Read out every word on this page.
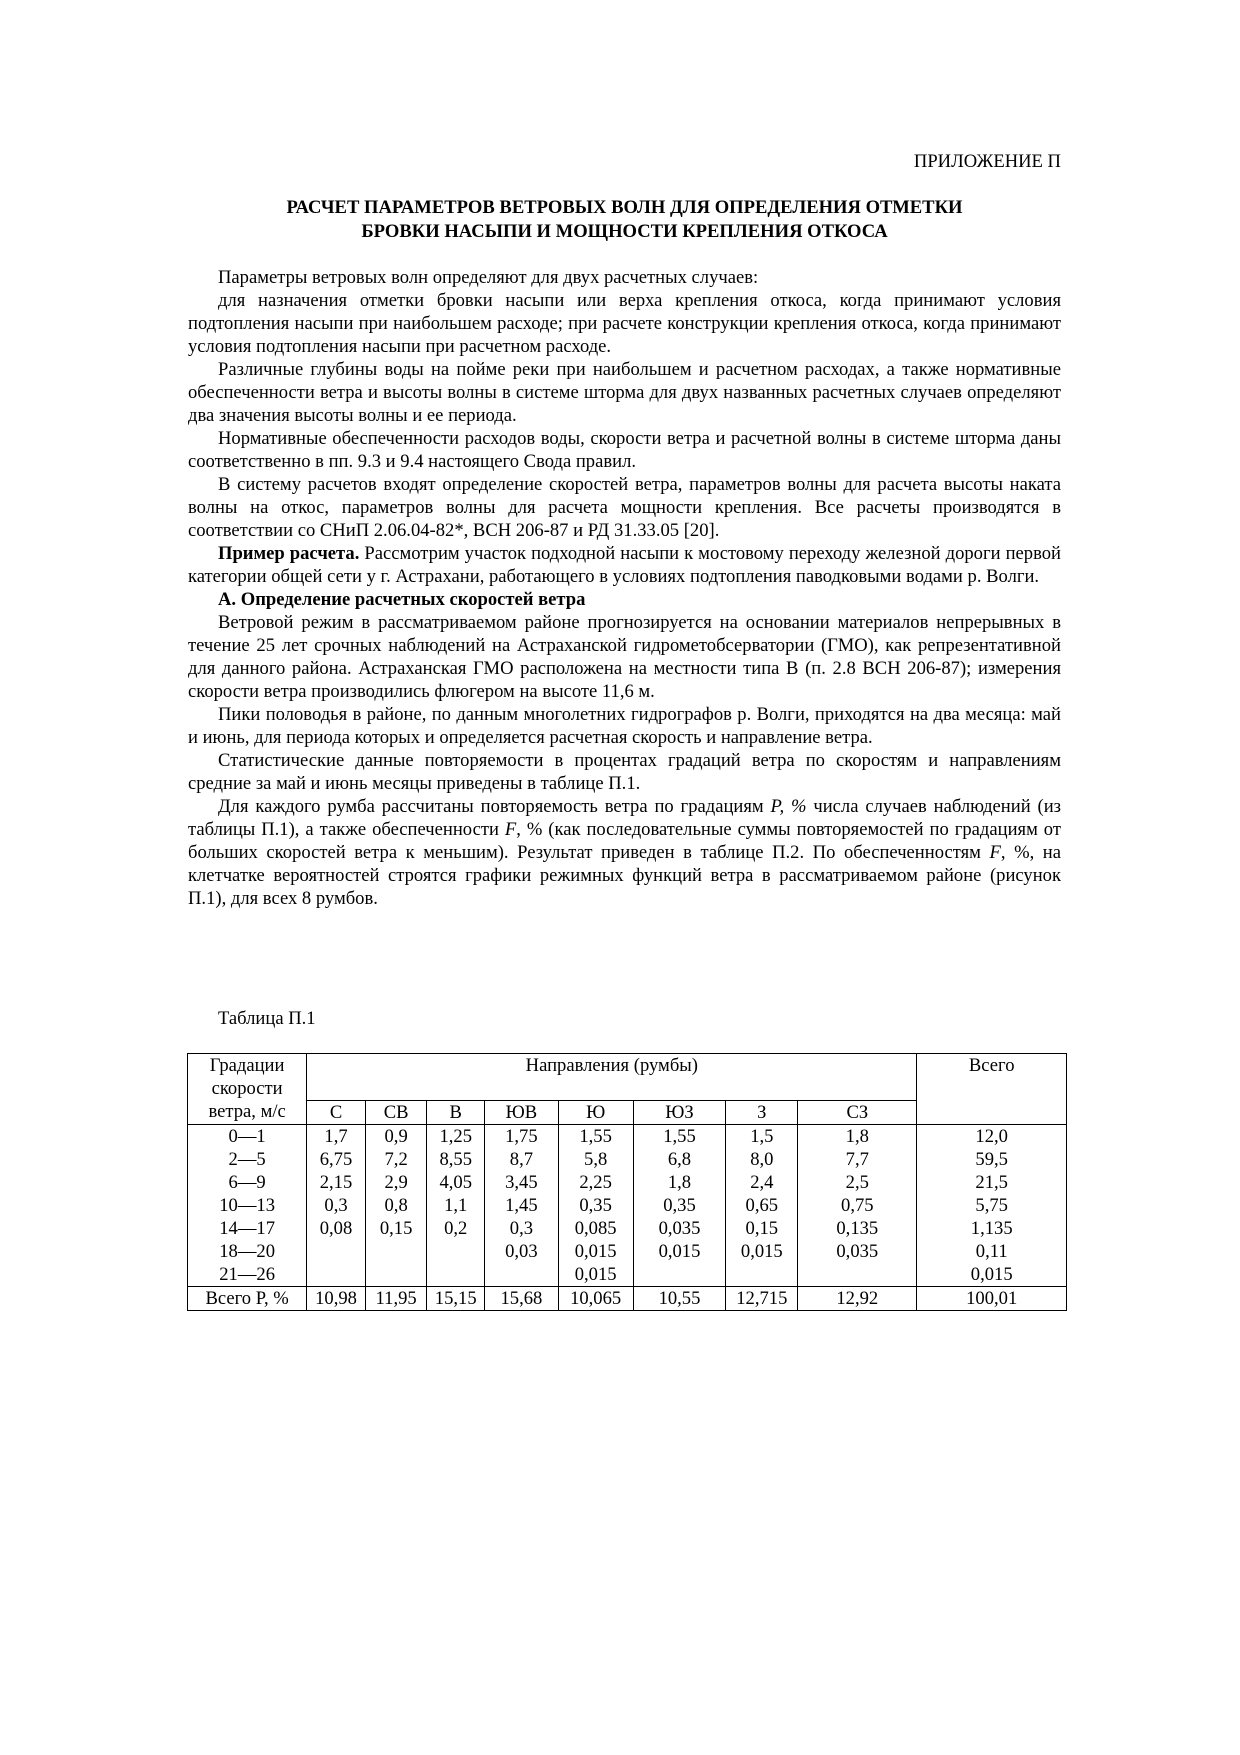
ПРИЛОЖЕНИЕ П
РАСЧЕТ ПАРАМЕТРОВ ВЕТРОВЫХ ВОЛН ДЛЯ ОПРЕДЕЛЕНИЯ ОТМЕТКИ
БРОВКИ НАСЫПИ И МОЩНОСТИ КРЕПЛЕНИЯ ОТКОСА

Параметры ветровых волн определяют для двух расчетных случаев:

для назначения отметки бровки насыпи или верха крепления откоса, когда принимают условия подтопления насыпи при наибольшем расходе; при расчете конструкции крепления откоса, когда принимают условия подтопления насыпи при расчетном расходе.

Различные глубины воды на пойме реки при наибольшем и расчетном расходах, а также нормативные обеспеченности ветра и высоты волны в системе шторма для двух названных расчетных случаев определяют два значения высоты волны и ее периода.

Нормативные обеспеченности расходов воды, скорости ветра и расчетной волны в системе шторма даны соответственно в пп. 9.3 и 9.4 настоящего Свода правил.

В систему расчетов входят определение скоростей ветра, параметров волны для расчета высоты наката волны на откос, параметров волны для расчета мощности крепления. Все расчеты производятся в соответствии со СНиП 2.06.04-82*, ВСН 206-87 и РД 31.33.05 [20].

Пример расчета. Рассмотрим участок подходной насыпи к мостовому переходу железной дороги первой категории общей сети у г. Астрахани, работающего в условиях подтопления паводковыми водами р. Волги.

А. Определение расчетных скоростей ветра

Ветровой режим в рассматриваемом районе прогнозируется на основании материалов непрерывных в течение 25 лет срочных наблюдений на Астраханской гидрометобсерватории (ГМО), как репрезентативной для данного района. Астраханская ГМО расположена на местности типа В (п. 2.8 ВСН 206-87); измерения скорости ветра производились флюгером на высоте 11,6 м.

Пики половодья в районе, по данным многолетних гидрографов р. Волги, приходятся на два месяца: май и июнь, для периода которых и определяется расчетная скорость и направление ветра.

Статистические данные повторяемости в процентах градаций ветра по скоростям и направлениям средние за май и июнь месяцы приведены в таблице П.1.

Для каждого румба рассчитаны повторяемость ветра по градациям P, % числа случаев наблюдений (из таблицы П.1), а также обеспеченности F, % (как последовательные суммы повторяемостей по градациям от больших скоростей ветра к меньшим). Результат приведен в таблице П.2. По обеспеченностям F, %, на клетчатке вероятностей строятся графики режимных функций ветра в рассматриваемом районе (рисунок П.1), для всех 8 румбов.

Таблица П.1
Градации скорости ветра, м/с	Направления (румбы)								Всего
	С	СВ	В	ЮВ	Ю	ЮЗ	З	СЗ	
0—1	1,7	0,9	1,25	1,75	1,55	1,55	1,5	1,8	12,0
2—5	6,75	7,2	8,55	8,7	5,8	6,8	8,0	7,7	59,5
6—9	2,15	2,9	4,05	3,45	2,25	1,8	2,4	2,5	21,5
10—13	0,3	0,8	1,1	1,45	0,35	0,35	0,65	0,75	5,75
14—17	0,08	0,15	0,2	0,3	0,085	0,035	0,15	0,135	1,135
18—20				0,03	0,015	0,015	0,015	0,035	0,11
21—26					0,015				0,015
Всего P, %	10,98	11,95	15,15	15,68	10,065	10,55	12,715	12,92	100,01
